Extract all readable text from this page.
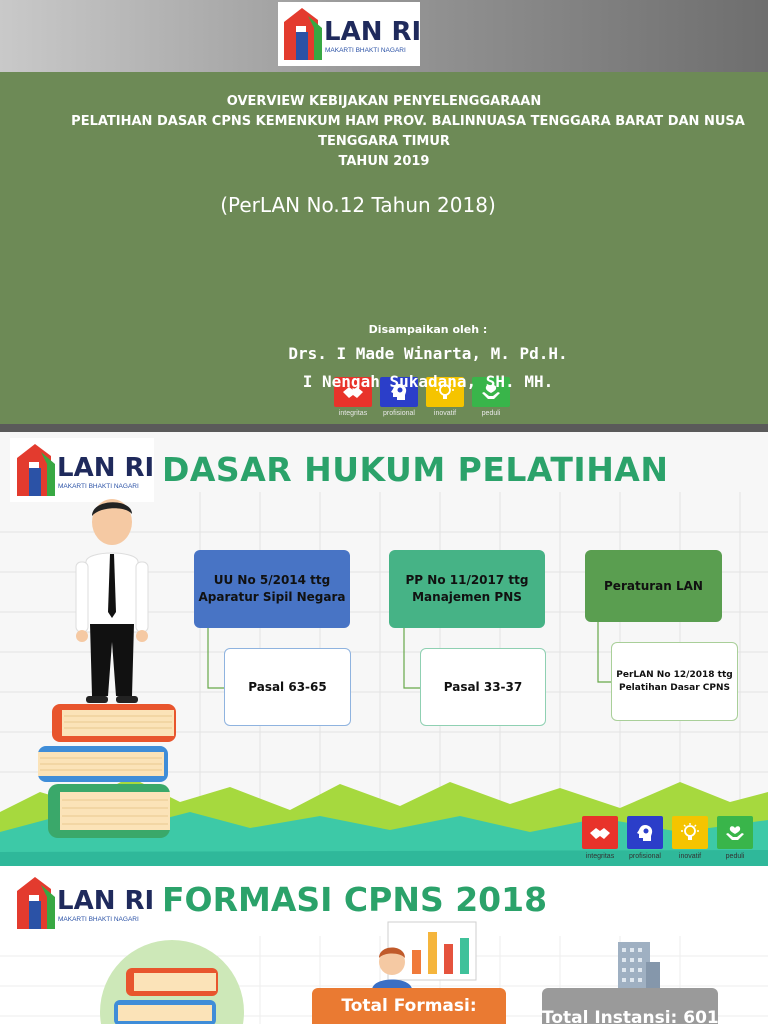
LAN RI
MAKARTI BHAKTI NAGARI
OVERVIEW KEBIJAKAN PENYELENGGARAAN
PELATIHAN DASAR CPNS KEMENKUM HAM PROV. BALINNUASA TENGGARA BARAT DAN NUSA
TENGGARA TIMUR
TAHUN 2019
(PerLAN No.12 Tahun 2018)
Disampaikan oleh :
Drs. I Made Winarta, M. Pd.H.
integritas profisional	inovatif	peduli
I Nengah Sukadana, SH. MH.
LAN RI
MAKARTI BHAKTI NAGARI DASAR HUKUM PELATIHAN
UU No 5/2014 ttg Aparatur Sipil Negara
PP No 11/2017 ttg Manajemen PNS
Peraturan LAN
Pasal 63-65	Pasal 33-37
PerLAN No 12/2018 ttg Pelatihan Dasar CPNS
integritas profisional	inovatif	peduli
LAN RI
MAKARTI BHAKTI NAGARI
FORMASI CPNS 2018
Total Formasi:
Total Instansi: 601
